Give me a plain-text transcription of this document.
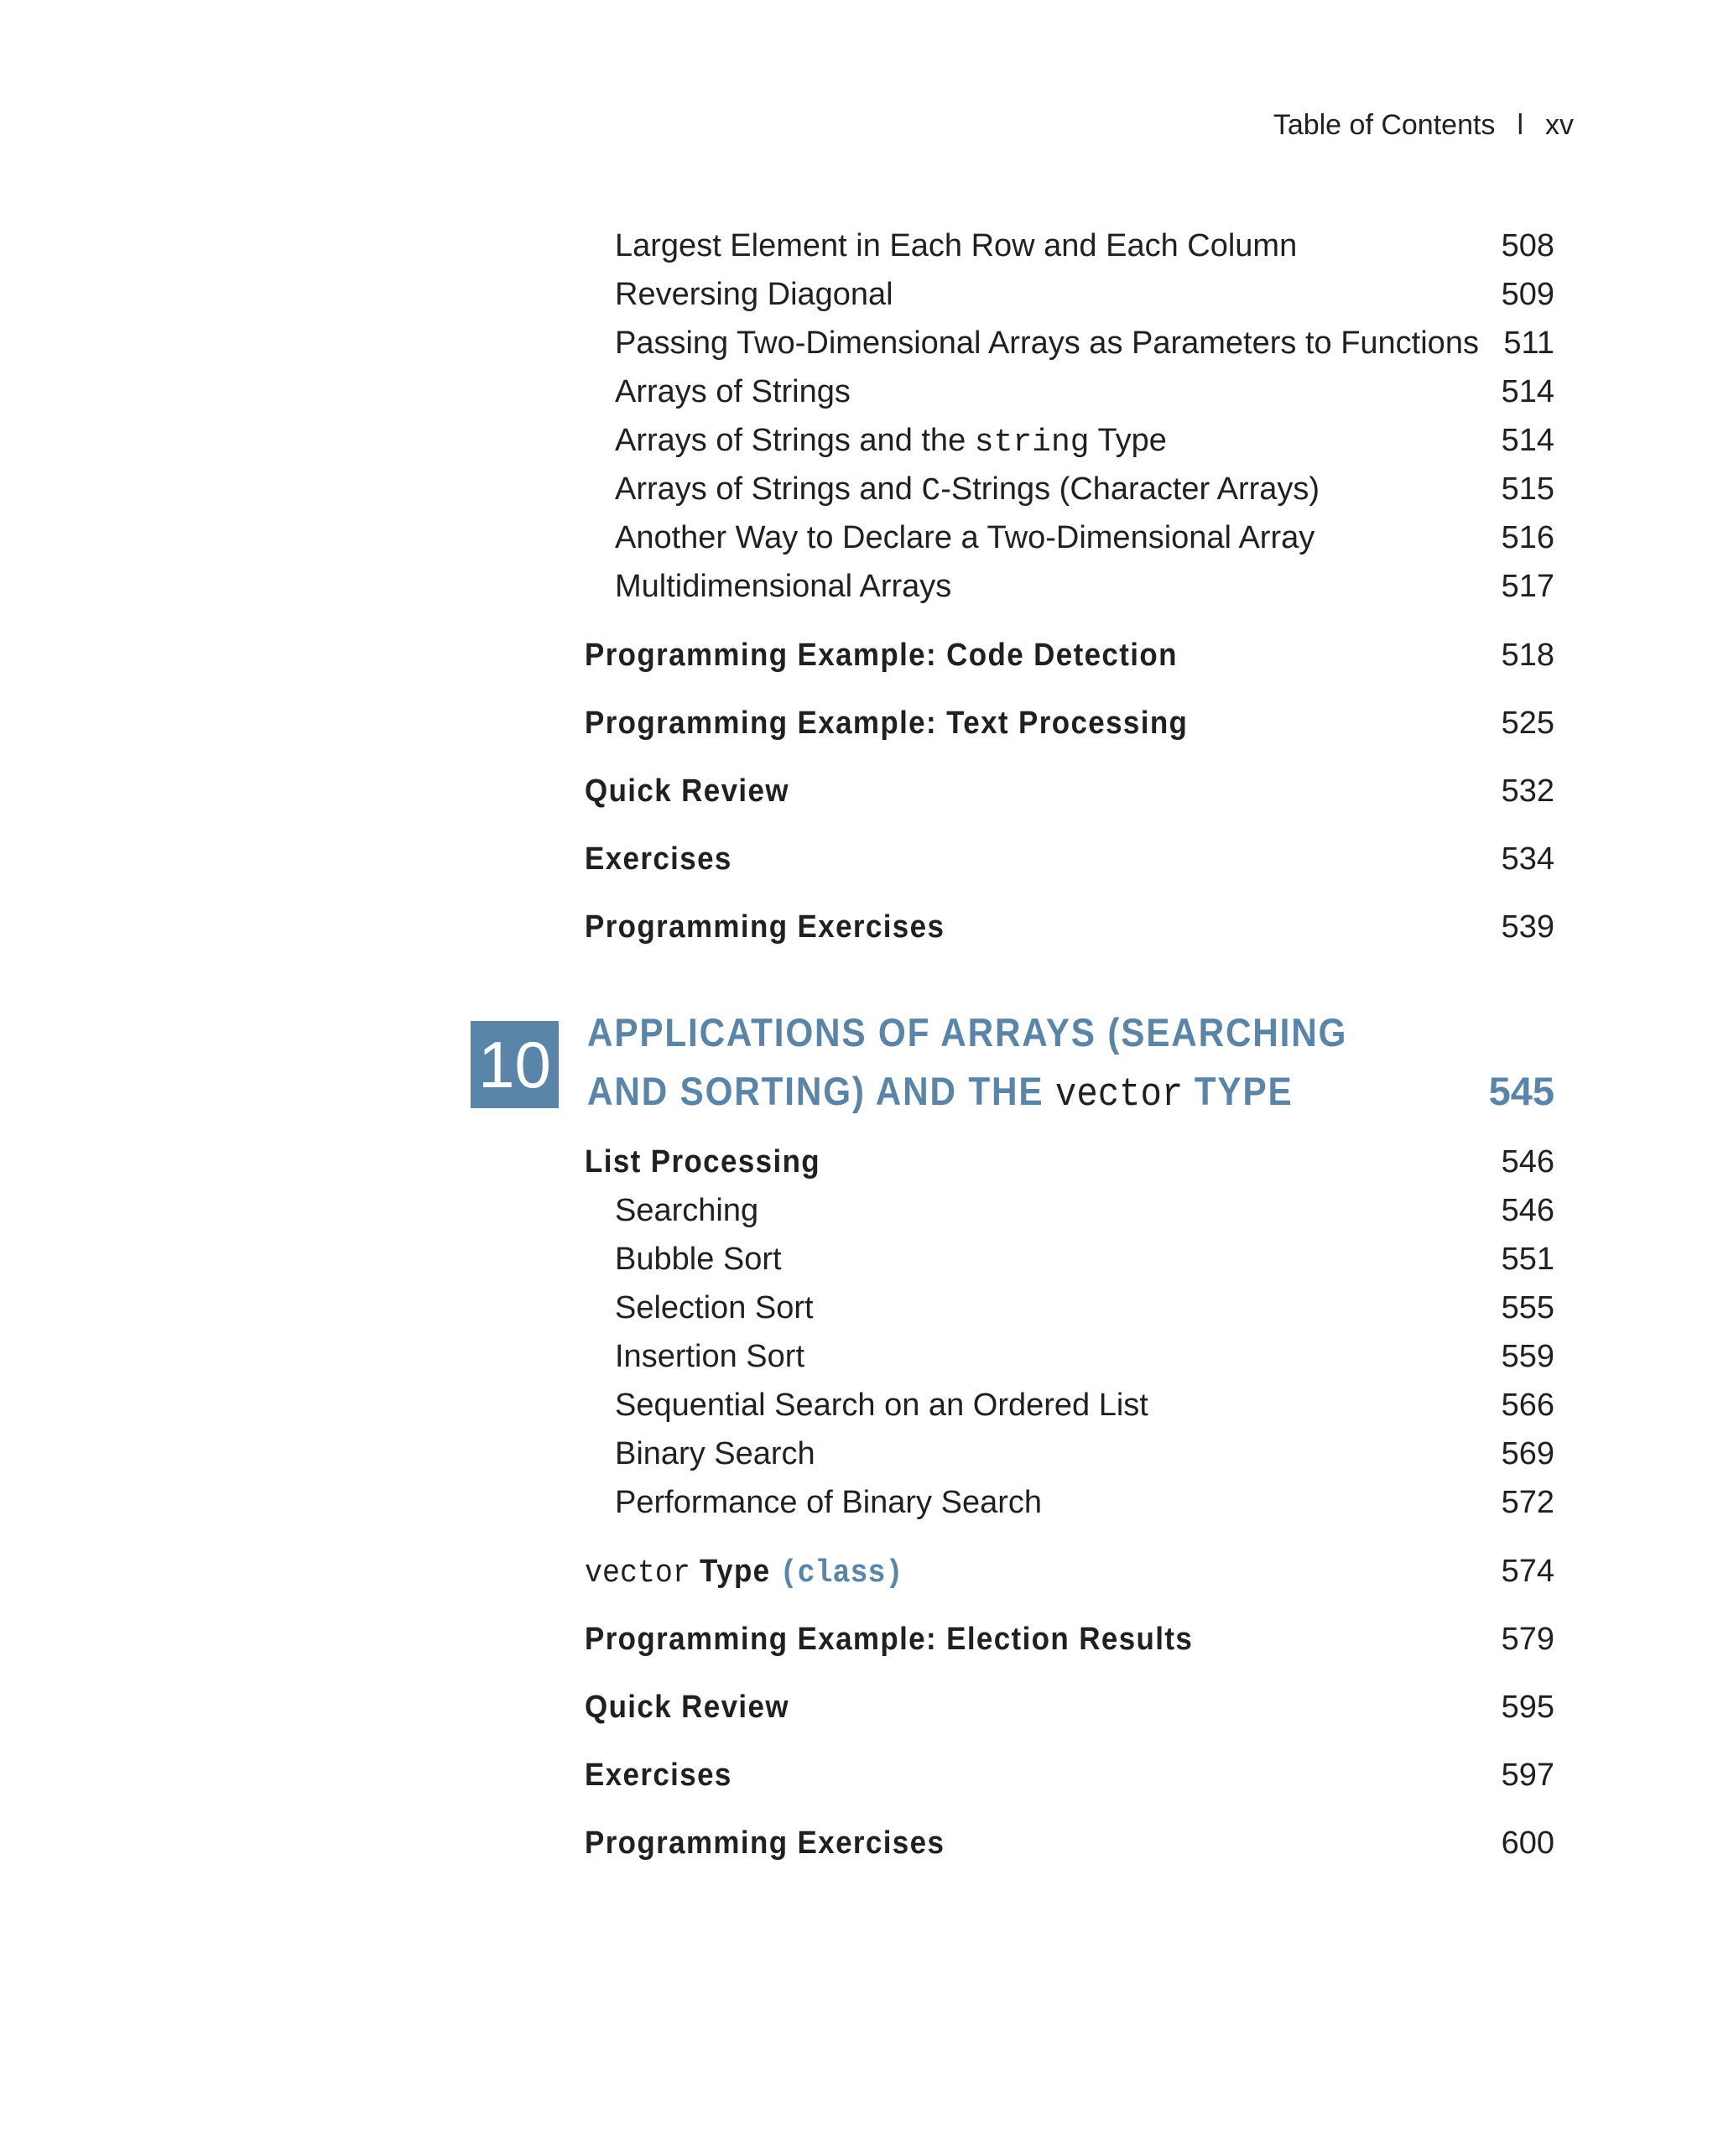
Table of Contents l xv
Largest Element in Each Row and Each Column	508
Reversing Diagonal	509
Passing Two-Dimensional Arrays as Parameters to Functions 511
Arrays of Strings	514
Arrays of Strings and the string Type	514
Arrays of Strings and C-Strings (Character Arrays)	515
Another Way to Declare a Two-Dimensional Array	516
Multidimensional Arrays	517
Programming Example: Code Detection	518
Programming Example: Text Processing	525
Quick Review	532
Exercises	534
Programming Exercises	539
10 APPLICATIONS OF ARRAYS (SEARCHING
AND SORTING) AND THE vector TYPE	545
List Processing	546
Searching	546
Bubble Sort	551
Selection Sort	555
Insertion Sort	559
Sequential Search on an Ordered List	566
Binary Search	569
Performance of Binary Search	572
vector Type (class)	574
Programming Example: Election Results	579
Quick Review	595
Exercises	597
Programming Exercises	600
